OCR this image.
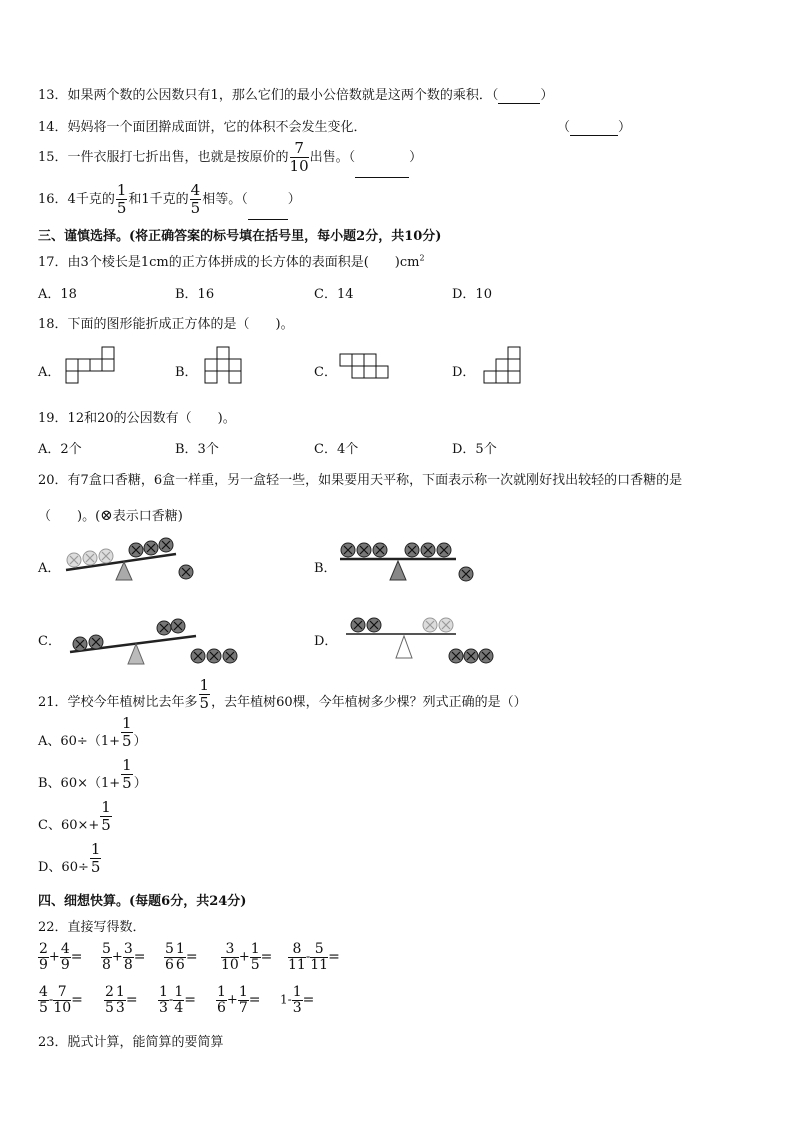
13．如果两个数的公因数只有1，那么它们的最小公倍数就是这两个数的乘积．（	）
14．妈妈将一个面团擀成面饼，它的体积不会发生变化．	（	）
15．一件衣服打七折出售，也就是按原价的 $\frac{7}{10}$ 出售。（	）
16．4千克的 $\frac{1}{5}$ 和1千克的 $\frac{4}{5}$ 相等。（	）
三、谨慎选择。(将正确答案的标号填在括号里，每小题2分，共10分)
17．由3个棱长是1cm的正方体拼成的长方体的表面积是(　　)$cm^2$
A．18	B．16	C．14	D．10
18．下面的图形能折成正方体的是（　　)。
A．	B．	C．	D．
19．12和20的公因数有（　　)。
A．2个	B．3个	C．4个	D．5个
20．有7盒口香糖，6盒一样重，另一盒轻一些，如果要用天平称，下面表示称一次就刚好找出较轻的口香糖的是
（　　)。(⊗表示口香糖)
A．	B．
C．	D．
21．学校今年植树比去年多 $\frac{1}{5}$ ，去年植树60棵，今年植树多少棵？列式正确的是（）
A、$60\div(1+ \frac{1}{5}$ ）
B、$60\times(1+ \frac{1}{5}$ ）
C、$60\times+ \frac{1}{5}$
D、$60\div \frac{1}{5}$
四、细想快算。(每题6分，共24分)
22．直接写得数．
$\frac{2}{9} + \frac{4}{9} = \frac{5}{8} + \frac{3}{8} = \frac{5}{6} \frac{1}{6} = \frac{3}{10} + \frac{1}{5} = \frac{8}{11} - \frac{5}{11}$ =
$\frac{4}{5} - \frac{7}{10} = \frac{2}{5} \frac{1}{3} = \frac{1}{3} - \frac{1}{4} = \frac{1}{6} + \frac{1}{7} = 1- \frac{1}{3}$ =
23．脱式计算，能简算的要简算
